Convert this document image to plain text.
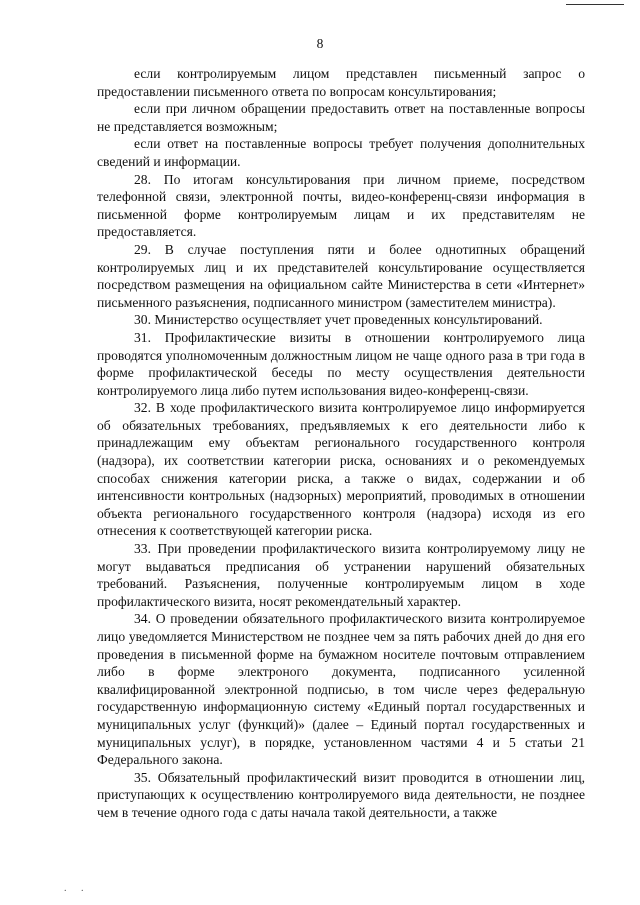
8

если контролируемым лицом представлен письменный запрос о предоставлении письменного ответа по вопросам консультирования;

если при личном обращении предоставить ответ на поставленные вопросы не представляется возможным;

если ответ на поставленные вопросы требует получения дополнительных сведений и информации.

28. По итогам консультирования при личном приеме, посредством телефонной связи, электронной почты, видео-конференц-связи информация в письменной форме контролируемым лицам и их представителям не предоставляется.

29. В случае поступления пяти и более однотипных обращений контролируемых лиц и их представителей консультирование осуществляется посредством размещения на официальном сайте Министерства в сети «Интернет» письменного разъяснения, подписанного министром (заместителем министра).

30. Министерство осуществляет учет проведенных консультирований.

31. Профилактические визиты в отношении контролируемого лица проводятся уполномоченным должностным лицом не чаще одного раза в три года в форме профилактической беседы по месту осуществления деятельности контролируемого лица либо путем использования видео-конференц-связи.

32. В ходе профилактического визита контролируемое лицо информируется об обязательных требованиях, предъявляемых к его деятельности либо к принадлежащим ему объектам регионального государственного контроля (надзора), их соответствии категории риска, основаниях и о рекомендуемых способах снижения категории риска, а также о видах, содержании и об интенсивности контрольных (надзорных) мероприятий, проводимых в отношении объекта регионального государственного контроля (надзора) исходя из его отнесения к соответствующей категории риска.

33. При проведении профилактического визита контролируемому лицу не могут выдаваться предписания об устранении нарушений обязательных требований. Разъяснения, полученные контролируемым лицом в ходе профилактического визита, носят рекомендательный характер.

34. О проведении обязательного профилактического визита контролируемое лицо уведомляется Министерством не позднее чем за пять рабочих дней до дня его проведения в письменной форме на бумажном носителе почтовым отправлением либо в форме электроного документа, подписанного усиленной квалифицированной электронной подписью, в том числе через федеральную государственную информационную систему «Единый портал государственных и муниципальных услуг (функций)» (далее – Единый портал государственных и муниципальных услуг), в порядке, установленном частями 4 и 5 статьи 21 Федерального закона.

35. Обязательный профилактический визит проводится в отношении лиц, приступающих к осуществлению контролируемого вида деятельности, не позднее чем в течение одного года с даты начала такой деятельности, а также

. .
